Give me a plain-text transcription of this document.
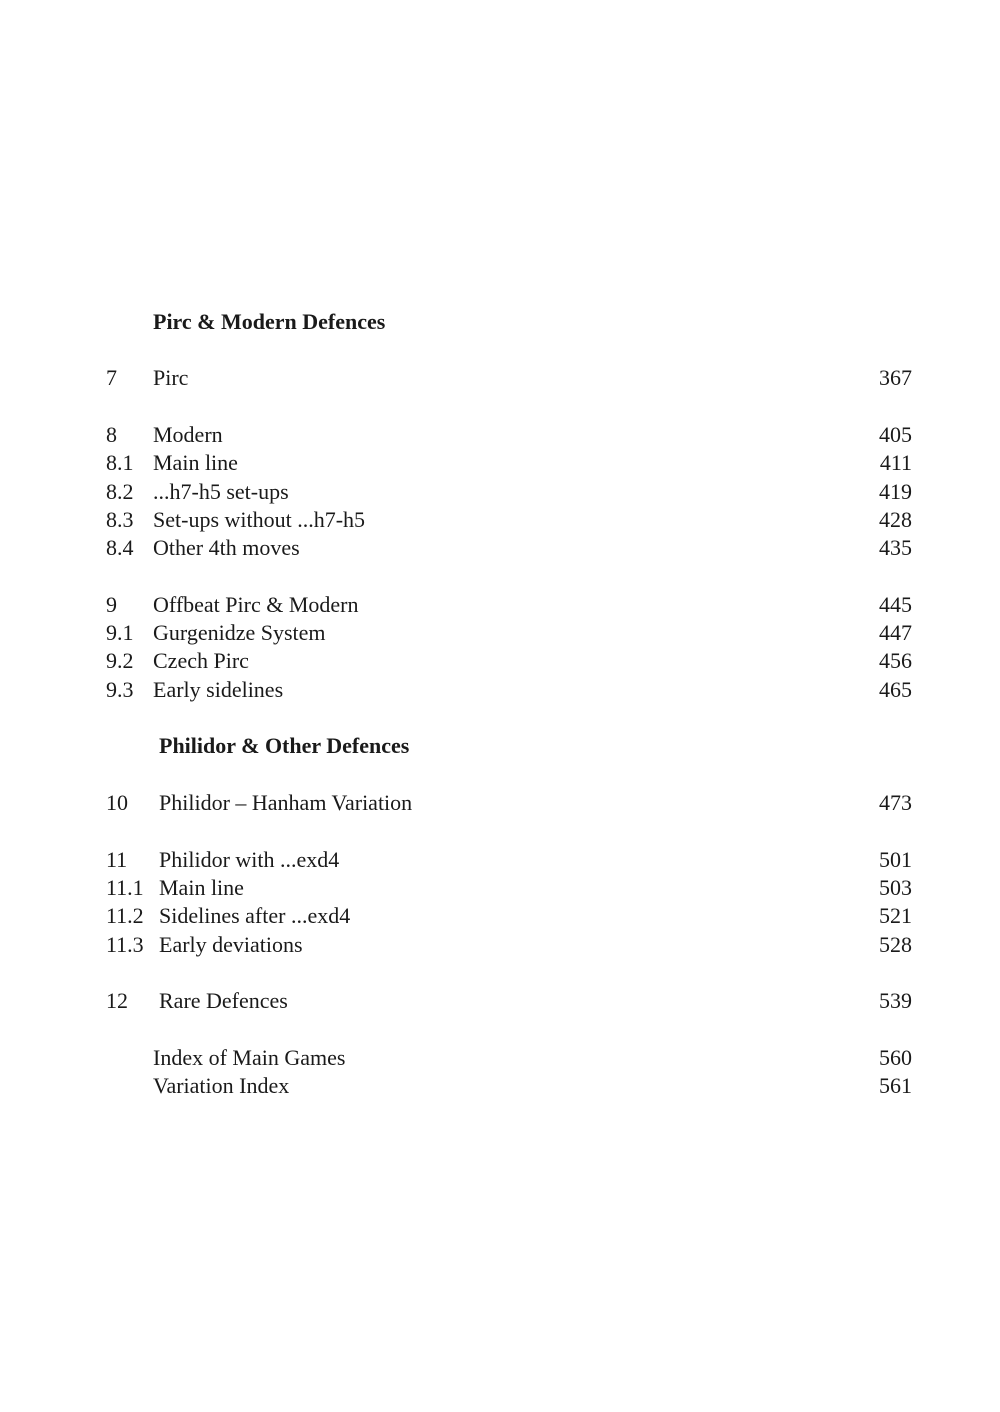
Pirc & Modern Defences
7 Pirc	367
8 Modern	405
8.1 Main line	411
8.2 ...h7-h5 set-ups	419
8.3 Set-ups without ...h7-h5	428
8.4 Other 4th moves	435
9 Offbeat Pirc & Modern	445
9.1 Gurgenidze System	447
9.2 Czech Pirc	456
9.3 Early sidelines	465
Philidor & Other Defences
10 Philidor – Hanham Variation	473
11 Philidor with ...exd4	501
11.1 Main line	503
11.2 Sidelines after ...exd4	521
11.3 Early deviations	528
12 Rare Defences	539
Index of Main Games	560
Variation Index	561
